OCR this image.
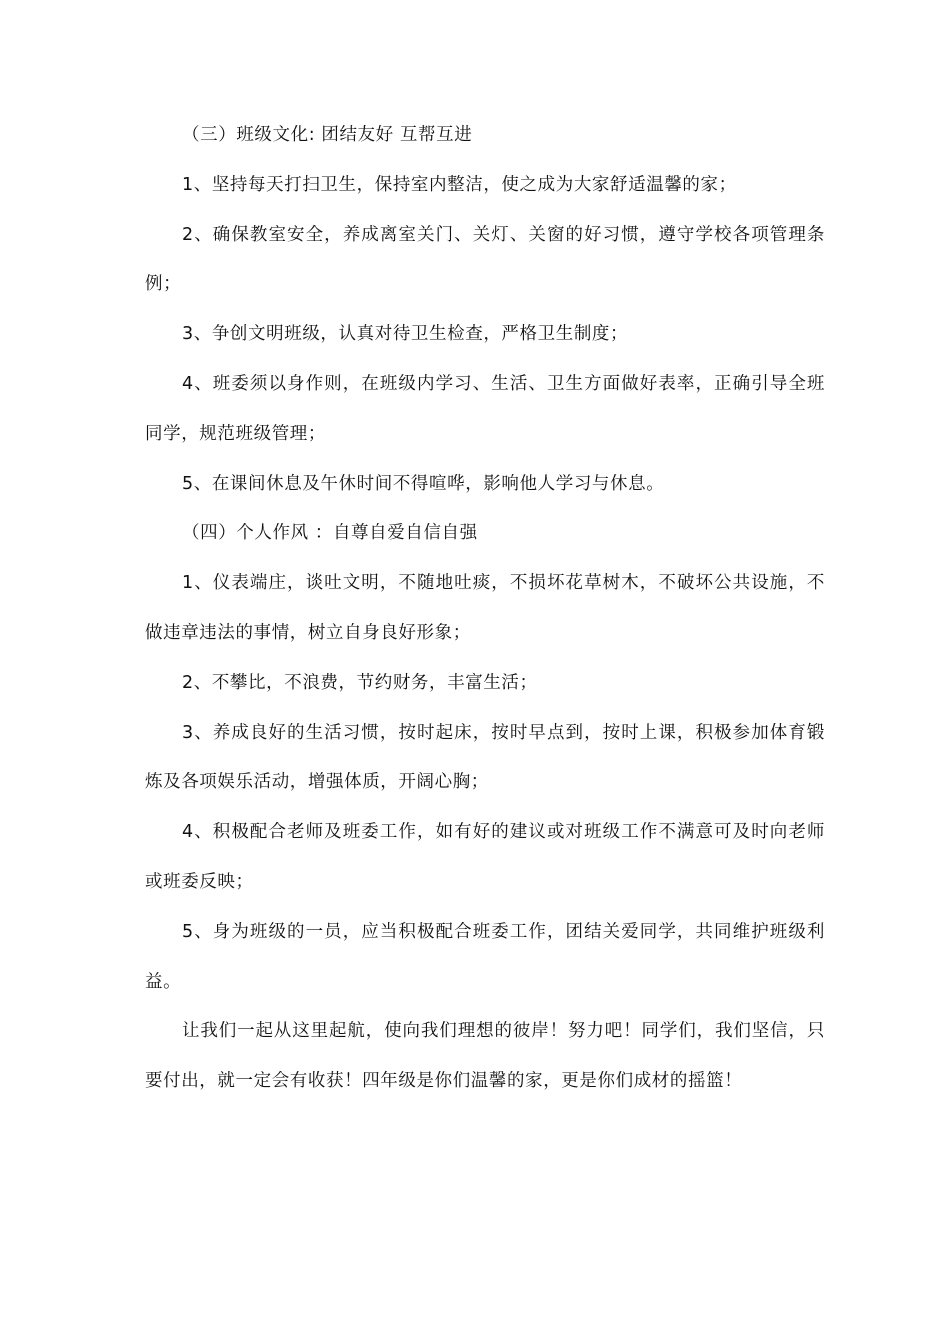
（三）班级文化: 团结友好 互帮互进

1、坚持每天打扫卫生，保持室内整洁，使之成为大家舒适温馨的家；

2、确保教室安全，养成离室关门、关灯、关窗的好习惯，遵守学校各项管理条例；

3、争创文明班级，认真对待卫生检查，严格卫生制度；

4、班委须以身作则，在班级内学习、生活、卫生方面做好表率，正确引导全班同学，规范班级管理；

5、在课间休息及午休时间不得喧哗，影响他人学习与休息。

（四）个人作风 ：自尊自爱自信自强

1、仪表端庄，谈吐文明，不随地吐痰，不损坏花草树木，不破坏公共设施，不做违章违法的事情，树立自身良好形象；

2、不攀比，不浪费，节约财务，丰富生活；

3、养成良好的生活习惯，按时起床，按时早点到，按时上课，积极参加体育锻炼及各项娱乐活动，增强体质，开阔心胸；

4、积极配合老师及班委工作，如有好的建议或对班级工作不满意可及时向老师或班委反映；

5、身为班级的一员，应当积极配合班委工作，团结关爱同学，共同维护班级利益。

让我们一起从这里起航，使向我们理想的彼岸！努力吧！同学们，我们坚信，只要付出，就一定会有收获！四年级是你们温馨的家，更是你们成材的摇篮！
